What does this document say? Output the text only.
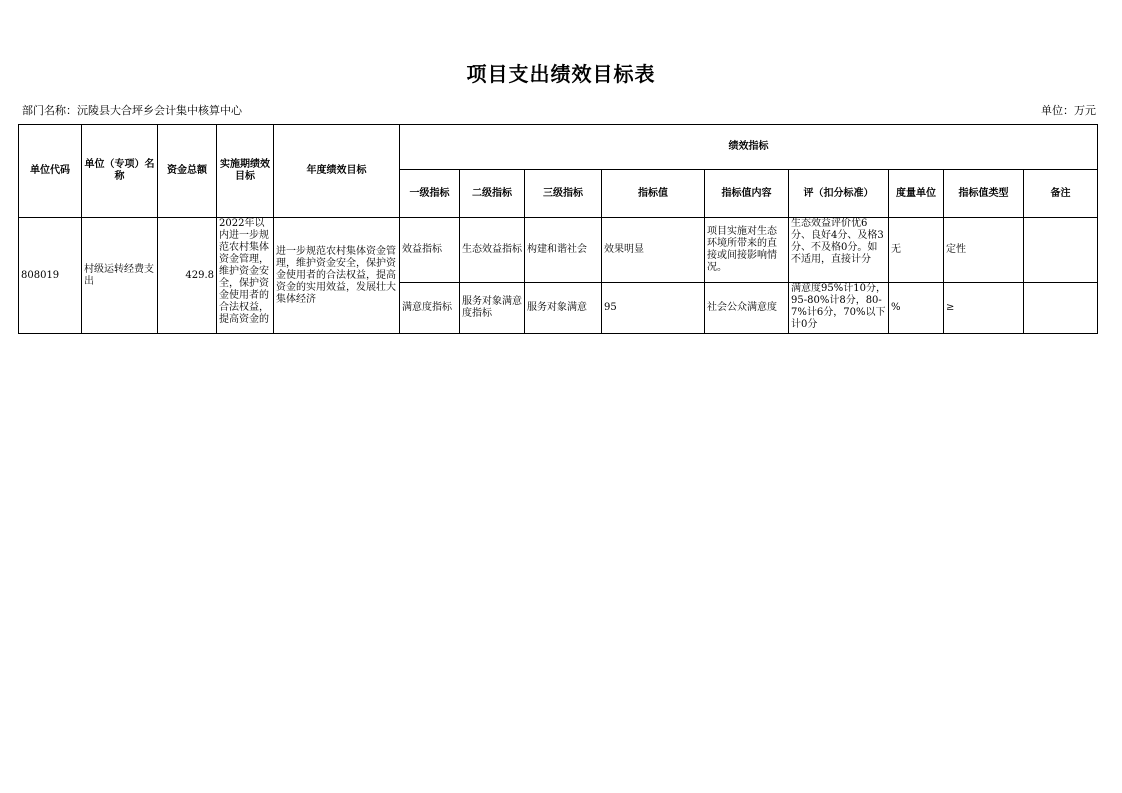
项目支出绩效目标表
部门名称：沅陵县大合坪乡会计集中核算中心	单位：万元
单位代码	单位（专项）名称	资金总额	实施期绩效目标	年度绩效目标	绩效指标								
					一级指标	二级指标	三级指标	指标值	指标值内容	评（扣分标准）	度量单位	指标值类型	备注
808019	村级运转经费支出	429.8	2022年以内进一步规范农村集体资金管理，维护资金安全，保护资金使用者的合法权益，提高资金的	进一步规范农村集体资金管理，维护资金安全，保护资金使用者的合法权益，提高资金的实用效益，发展壮大集体经济	效益指标	生态效益指标	构建和谐社会	效果明显	项目实施对生态环境所带来的直接或间接影响情况。	生态效益评价优6分、良好4分、及格3分、不及格0分。如不适用，直接计分	无	定性	
					满意度指标	服务对象满意度指标	服务对象满意	95	社会公众满意度	满意度95%计10分，95-80%计8分，80-7%计6分，70%以下计0分	%	≥	
